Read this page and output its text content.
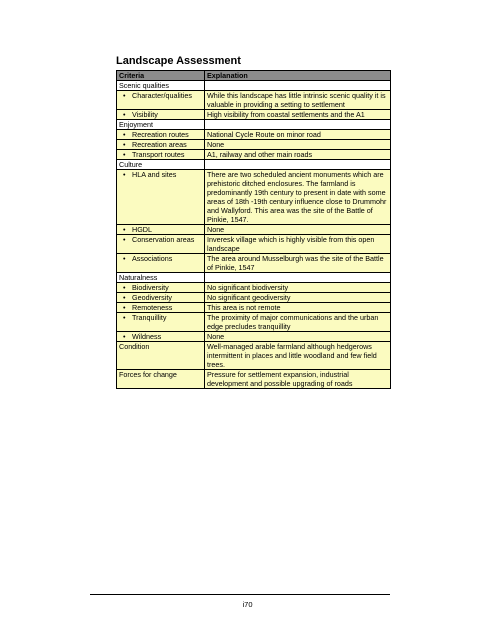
Landscape Assessment
Criteria	Explanation
Scenic qualities	

• Character/qualities	While this landscape has little intrinsic scenic quality it is valuable in providing a setting to settlement

• Visibility	High visibility from coastal settlements and the A1
Enjoyment	

• Recreation routes	National Cycle Route on minor road

• Recreation areas	None

• Transport routes	A1, railway and other main roads
Culture	

• HLA and sites	There are two scheduled ancient monuments which are prehistoric ditched enclosures. The farmland is predominantly 19th century to present in date with some areas of 18th -19th century influence close to Drummohr and Wallyford. This area was the site of the Battle of Pinkie, 1547.

• HGDL	None

• Conservation areas	Inveresk village which is highly visible from this open landscape

• Associations	The area around Musselburgh was the site of the Battle of Pinkie, 1547
Naturalness	

• Biodiversity	No significant biodiversity

• Geodiversity	No significant geodiversity

• Remoteness	This area is not remote

• Tranquillity	The proximity of major communications and the urban edge precludes tranquillity

• Wildness	None
Condition	Well-managed arable farmland although hedgerows intermittent in places and little woodland and few field trees.
Forces for change	Pressure for settlement expansion, industrial development and possible upgrading of roads
i70
